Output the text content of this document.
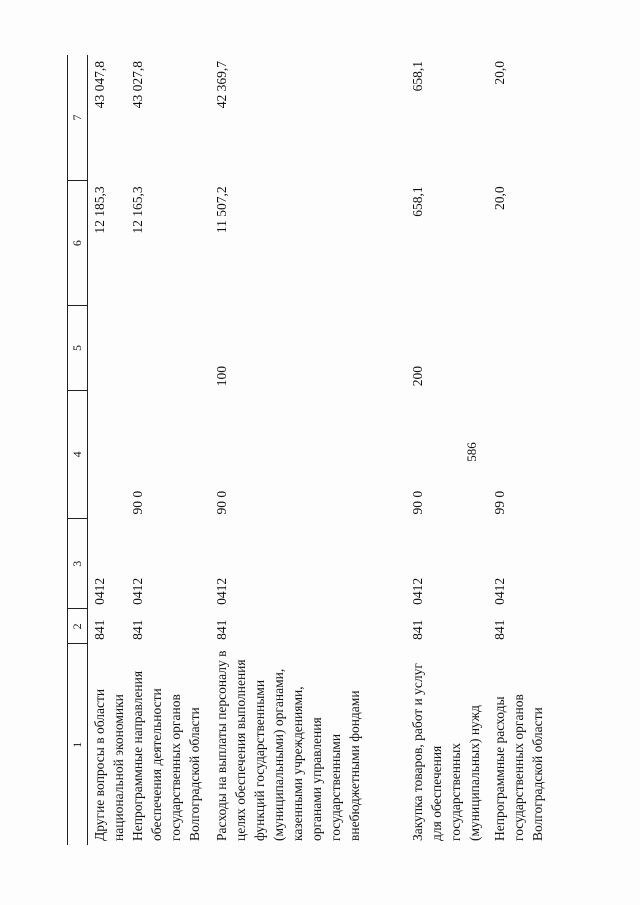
586
1	2	3	4	5	6	7
Другие вопросы в области национальной экономики	841	0412			12 185,3	43 047,8
Непрограммные направления обеспечения деятельности государственных органов Волгоградской области	841	0412	90 0		12 165,3	43 027,8
Расходы на выплаты персоналу в целях обеспечения выполнения функций государственными (муниципальными) органами, казенными учреждениями, органами управления государственными внебюджетными фондами	841	0412	90 0	100	11 507,2	42 369,7
Закупка товаров, работ и услуг для обеспечения государственных (муниципальных) нужд	841	0412	90 0	200	658,1	658,1
Непрограммные расходы государственных органов Волгоградской области	841	0412	99 0		20,0	20,0
